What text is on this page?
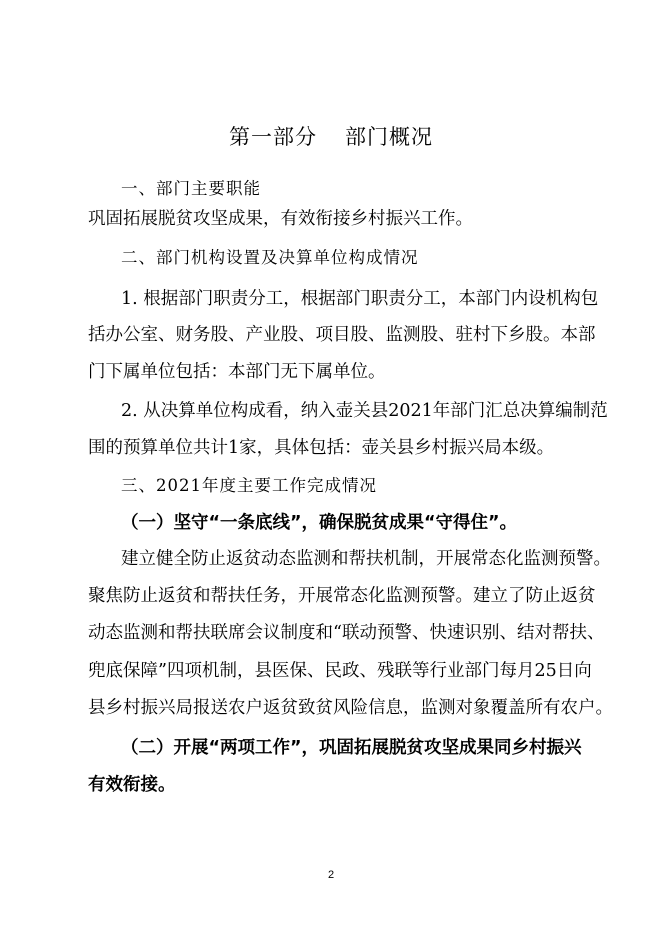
第一部分 部门概况
一、部门主要职能
巩固拓展脱贫攻坚成果，有效衔接乡村振兴工作。
二、部门机构设置及决算单位构成情况
1. 根据部门职责分工，根据部门职责分工，本部门内设机构包
括办公室、财务股、产业股、项目股、监测股、驻村下乡股。本部
门下属单位包括：本部门无下属单位。
2. 从决算单位构成看，纳入壶关县2021年部门汇总决算编制范
围的预算单位共计1家，具体包括：壶关县乡村振兴局本级。
三、2021年度主要工作完成情况
（一）坚守“一条底线”，确保脱贫成果“守得住”。
建立健全防止返贫动态监测和帮扶机制，开展常态化监测预警。
聚焦防止返贫和帮扶任务，开展常态化监测预警。建立了防止返贫
动态监测和帮扶联席会议制度和“联动预警、快速识别、结对帮扶、
兜底保障”四项机制，县医保、民政、残联等行业部门每月25日向
县乡村振兴局报送农户返贫致贫风险信息，监测对象覆盖所有农户。
（二）开展“两项工作”，巩固拓展脱贫攻坚成果同乡村振兴
有效衔接。
2
